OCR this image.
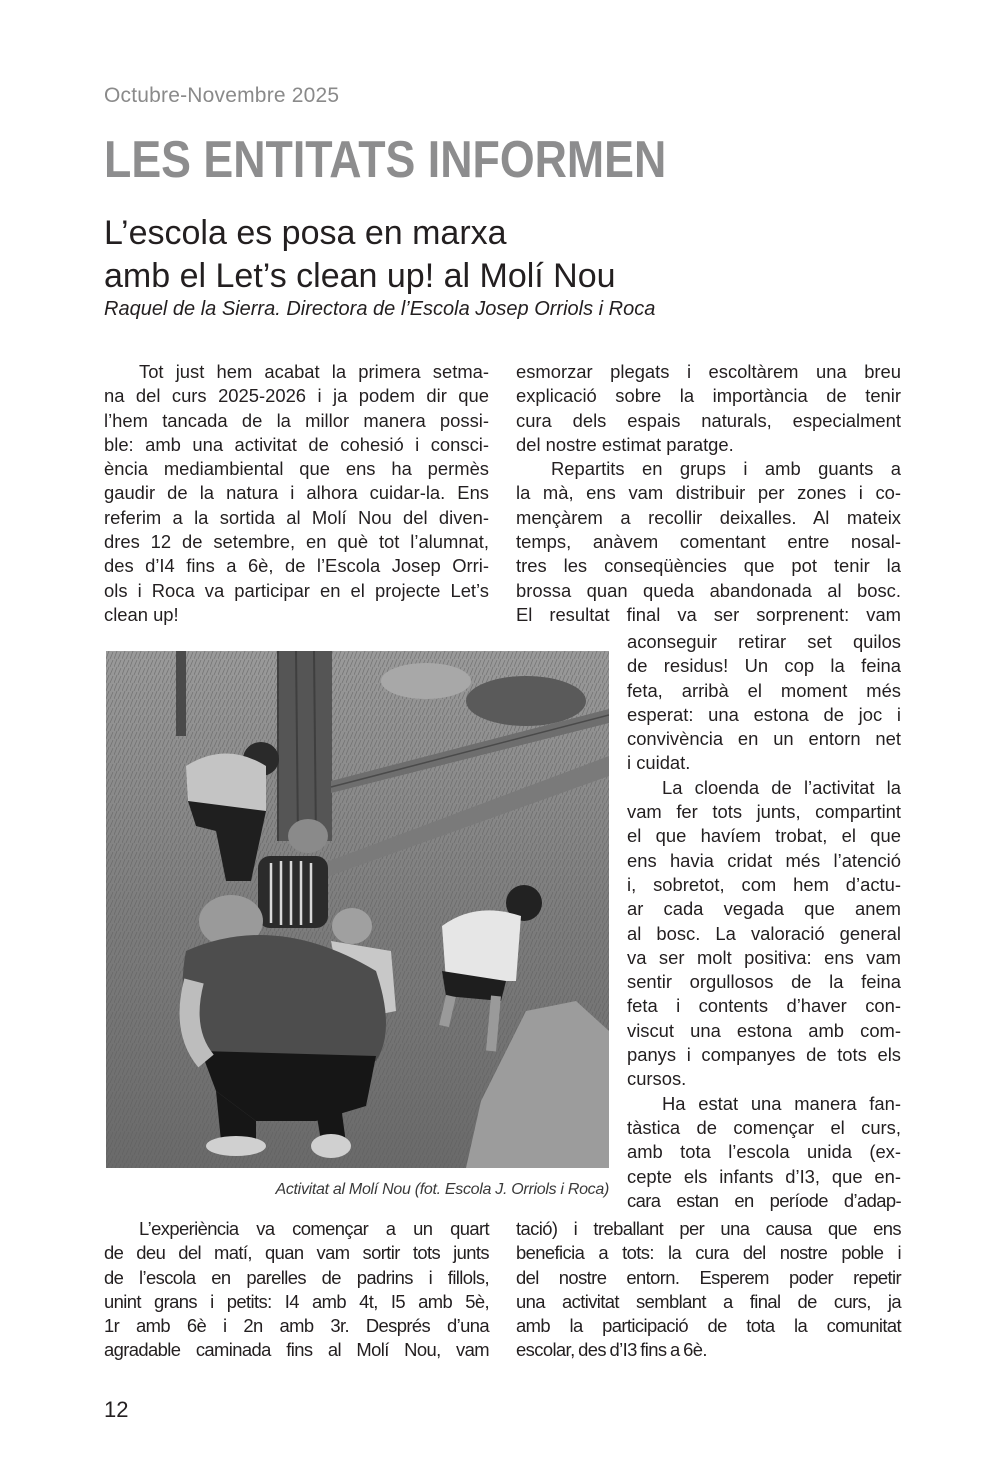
Octubre-Novembre 2025
LES ENTITATS INFORMEN
L’escola es posa en marxa
amb el Let’s clean up! al Molí Nou
Raquel de la Sierra. Directora de l’Escola Josep Orriols i Roca
Tot just hem acabat la primera setma-
na del curs 2025-2026 i ja podem dir que
l’hem tancada de la millor manera possi-
ble: amb una activitat de cohesió i consci-
ència mediambiental que ens ha permès
gaudir de la natura i alhora cuidar-la. Ens
referim a la sortida al Molí Nou del diven-
dres 12 de setembre, en què tot l’alumnat,
des d’I4 fins a 6è, de l’Escola Josep Orri-
ols i Roca va participar en el projecte Let’s
clean up!
Activitat al Molí Nou (fot. Escola J. Orriols i Roca)
L’experiència va començar a un quart
de deu del matí, quan vam sortir tots junts
de l’escola en parelles de padrins i fillols,
unint grans i petits: I4 amb 4t, I5 amb 5è,
1r amb 6è i 2n amb 3r. Després d’una
agradable caminada fins al Molí Nou, vam
esmorzar plegats i escoltàrem una breu
explicació sobre la importància de tenir
cura dels espais naturals, especialment
del nostre estimat paratge.
Repartits en grups i amb guants a
la mà, ens vam distribuir per zones i co-
mençàrem a recollir deixalles. Al mateix
temps, anàvem comentant entre nosal-
tres les conseqüències que pot tenir la
brossa quan queda abandonada al bosc.
El resultat final va ser sorprenent: vam
aconseguir retirar set quilos
de residus! Un cop la feina
feta, arribà el moment més
esperat: una estona de joc i
convivència en un entorn net
i cuidat.
La cloenda de l’activitat la
vam fer tots junts, compartint
el que havíem trobat, el que
ens havia cridat més l’atenció
i, sobretot, com hem d’actu-
ar cada vegada que anem
al bosc. La valoració general
va ser molt positiva: ens vam
sentir orgullosos de la feina
feta i contents d’haver con-
viscut una estona amb com-
panys i companyes de tots els
cursos.
Ha estat una manera fan-
tàstica de començar el curs,
amb tota l’escola unida (ex-
cepte els infants d’I3, que en-
cara estan en període d’adap-
tació) i treballant per una causa que ens
beneficia a tots: la cura del nostre poble i
del nostre entorn. Esperem poder repetir
una activitat semblant a final de curs, ja
amb la participació de tota la comunitat
escolar, des d’I3 fins a 6è.
12
